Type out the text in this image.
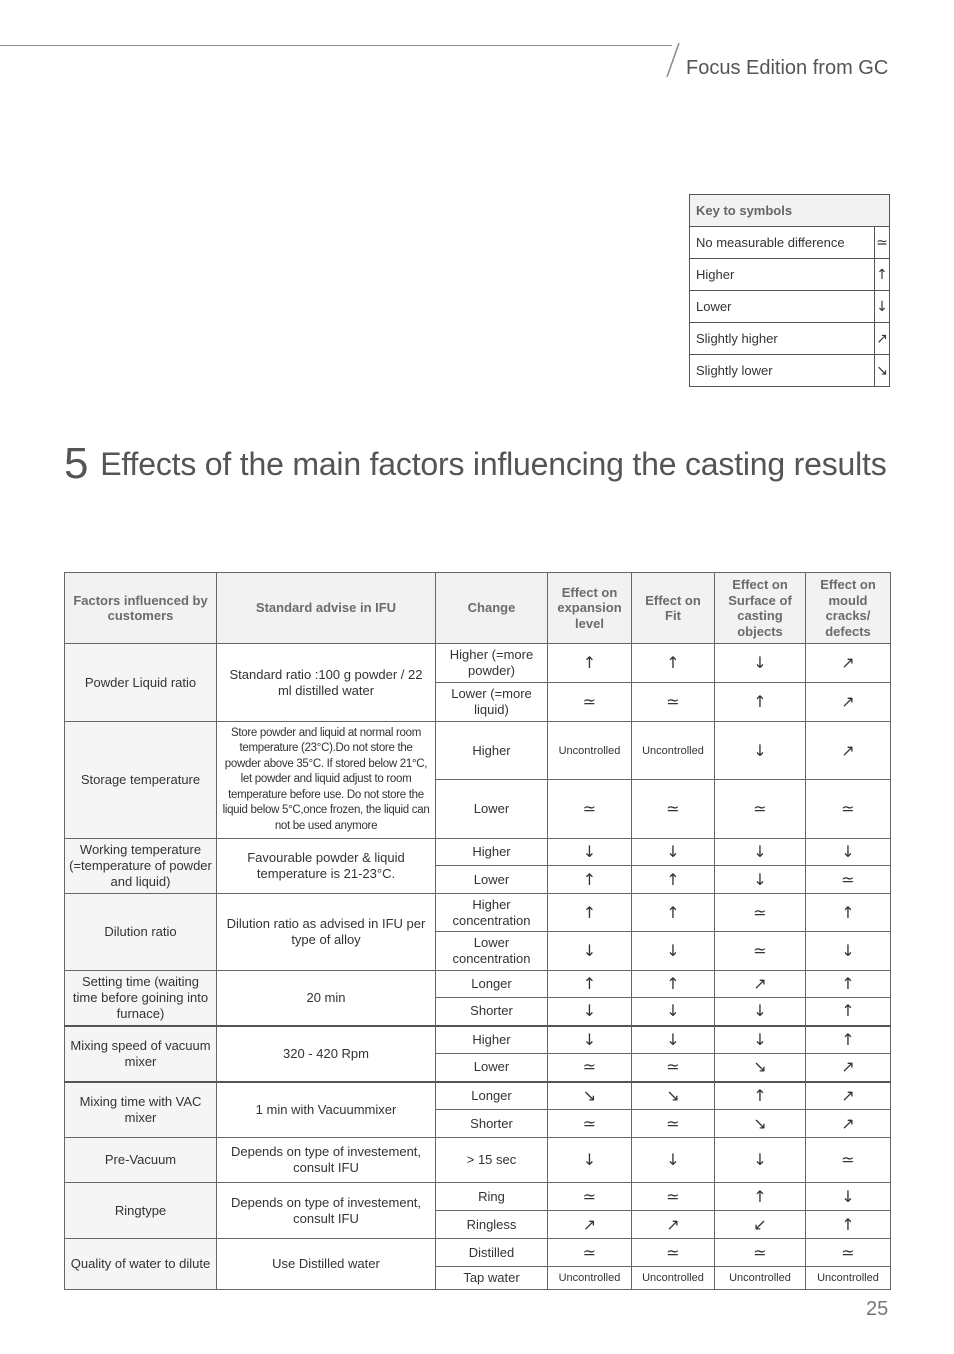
Focus Edition from GC
Key to symbols	
No measurable difference	≃
Higher	↑
Lower	↓
Slightly higher	↗
Slightly lower	↘
5 Effects of the main factors influencing the casting results
Factors influenced by customers	Standard advise in IFU	Change	Effect on expansion level	Effect on Fit	Effect on Surface of casting objects	Effect on mould cracks/ defects
Powder Liquid ratio	Standard ratio :100 g powder / 22 ml distilled water	Higher (=more powder)	↑	↑	↓	↗
		Lower (=more liquid)	≃	≃	↑	↗
Storage temperature	Store powder and liquid at normal room temperature (23°C).Do not store the powder above 35°C. If stored below 21°C, let powder and liquid adjust to room temperature before use. Do not store the liquid below 5°C,once frozen, the liquid can not be used anymore	Higher	Uncontrolled	Uncontrolled	↓	↗
		Lower	≃	≃	≃	≃
Working temperature (=temperature of powder and liquid)	Favourable powder & liquid temperature is 21-23°C.	Higher	↓	↓	↓	↓
		Lower	↑	↑	↓	≃
Dilution ratio	Dilution ratio as advised in IFU per type of alloy	Higher concentration	↑	↑	≃	↑
		Lower concentration	↓	↓	≃	↓
Setting time (waiting time before goining into furnace)	20 min	Longer	↑	↑	↗	↑
		Shorter	↓	↓	↓	↑
Mixing speed of vacuum mixer	320 - 420 Rpm	Higher	↓	↓	↓	↑
		Lower	≃	≃	↘	↗
Mixing time with VAC mixer	1 min with Vacuummixer	Longer	↘	↘	↑	↗
		Shorter	≃	≃	↘	↗
Pre-Vacuum	Depends on type of investement, consult IFU	> 15 sec	↓	↓	↓	≃
Ringtype	Depends on type of investement, consult IFU	Ring	≃	≃	↑	↓
		Ringless	↗	↗	↙	↑
Quality of water to dilute	Use Distilled water	Distilled	≃	≃	≃	≃
		Tap water	Uncontrolled	Uncontrolled	Uncontrolled	Uncontrolled
25
